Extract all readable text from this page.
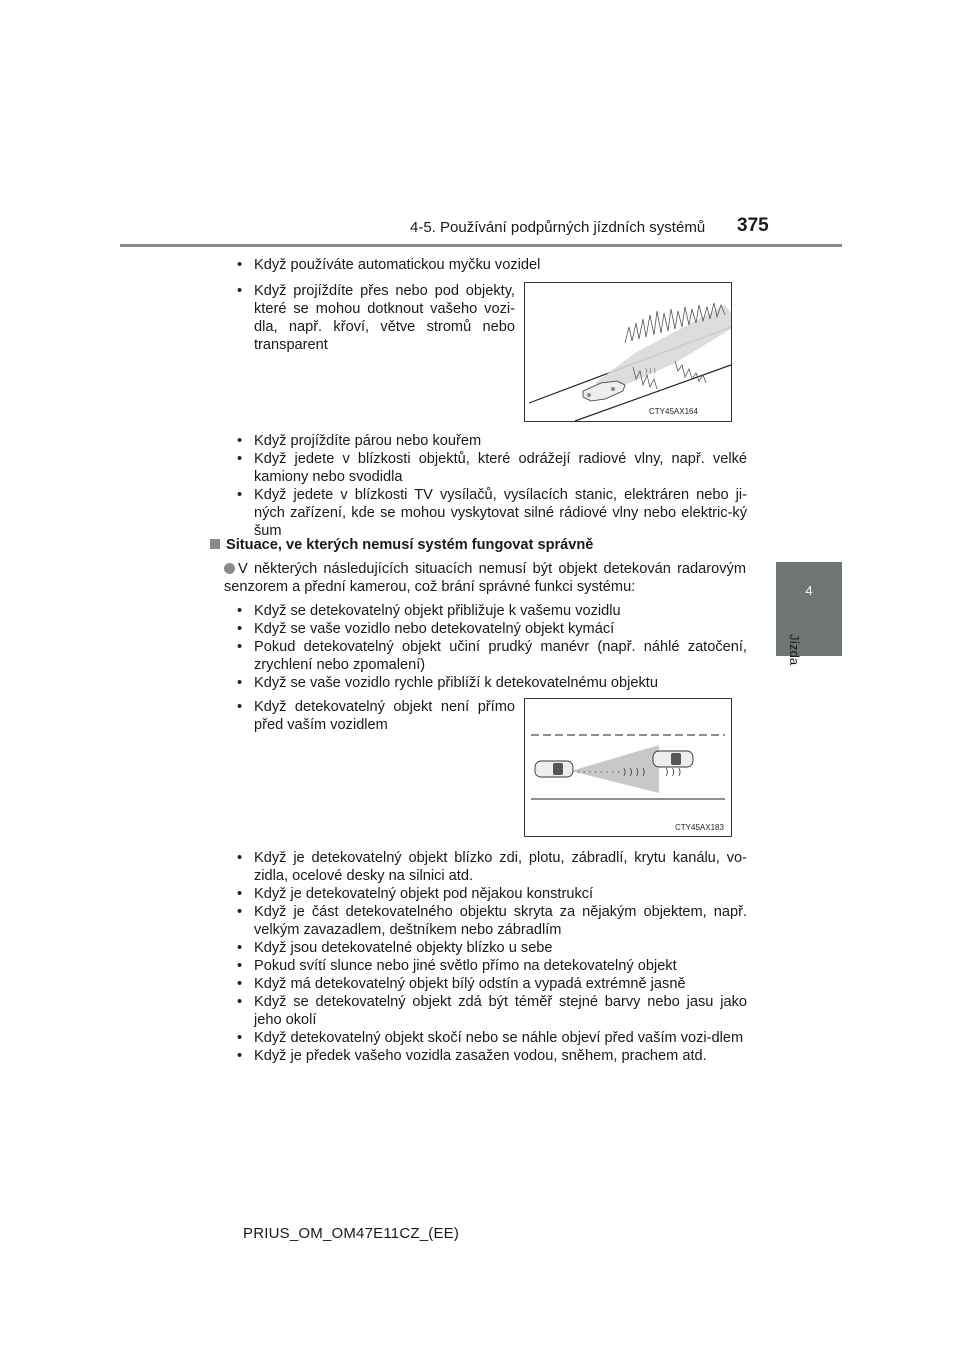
4-5. Používání podpůrných jízdních systémů 375
4
Jízda
• Když používáte automatickou myčku vozidel
• Když projíždíte přes nebo pod objekty, které se mohou dotknout vašeho vozi-dla, např. křoví, větve stromů nebo transparent
) ) )
CTY45AX164
• Když projíždíte párou nebo kouřem
• Když jedete v blízkosti objektů, které odrážejí radiové vlny, např. velké kamiony nebo svodidla
• Když jedete v blízkosti TV vysílačů, vysílacích stanic, elektráren nebo ji-ných zařízení, kde se mohou vyskytovat silné rádiové vlny nebo elektric-ký šum
Situace, ve kterých nemusí systém fungovat správně
V některých následujících situacích nemusí být objekt detekován radarovým senzorem a přední kamerou, což brání správné funkci systému:
• Když se detekovatelný objekt přibližuje k vašemu vozidlu
• Když se vaše vozidlo nebo detekovatelný objekt kymácí
• Pokud detekovatelný objekt učiní prudký manévr (např. náhlé zatočení, zrychlení nebo zpomalení)
• Když se vaše vozidlo rychle přiblíží k detekovatelnému objektu
• Když detekovatelný objekt není přímo před vaším vozidlem
· · · · · · · · ) ) ) ) ) ) )
CTY45AX183
• Když je detekovatelný objekt blízko zdi, plotu, zábradlí, krytu kanálu, vo-zidla, ocelové desky na silnici atd.
• Když je detekovatelný objekt pod nějakou konstrukcí
• Když je část detekovatelného objektu skryta za nějakým objektem, např. velkým zavazadlem, deštníkem nebo zábradlím
• Když jsou detekovatelné objekty blízko u sebe
• Pokud svítí slunce nebo jiné světlo přímo na detekovatelný objekt
• Když má detekovatelný objekt bílý odstín a vypadá extrémně jasně
• Když se detekovatelný objekt zdá být téměř stejné barvy nebo jasu jako jeho okolí
• Když detekovatelný objekt skočí nebo se náhle objeví před vaším vozi-dlem
• Když je předek vašeho vozidla zasažen vodou, sněhem, prachem atd.
PRIUS_OM_OM47E11CZ_(EE)
